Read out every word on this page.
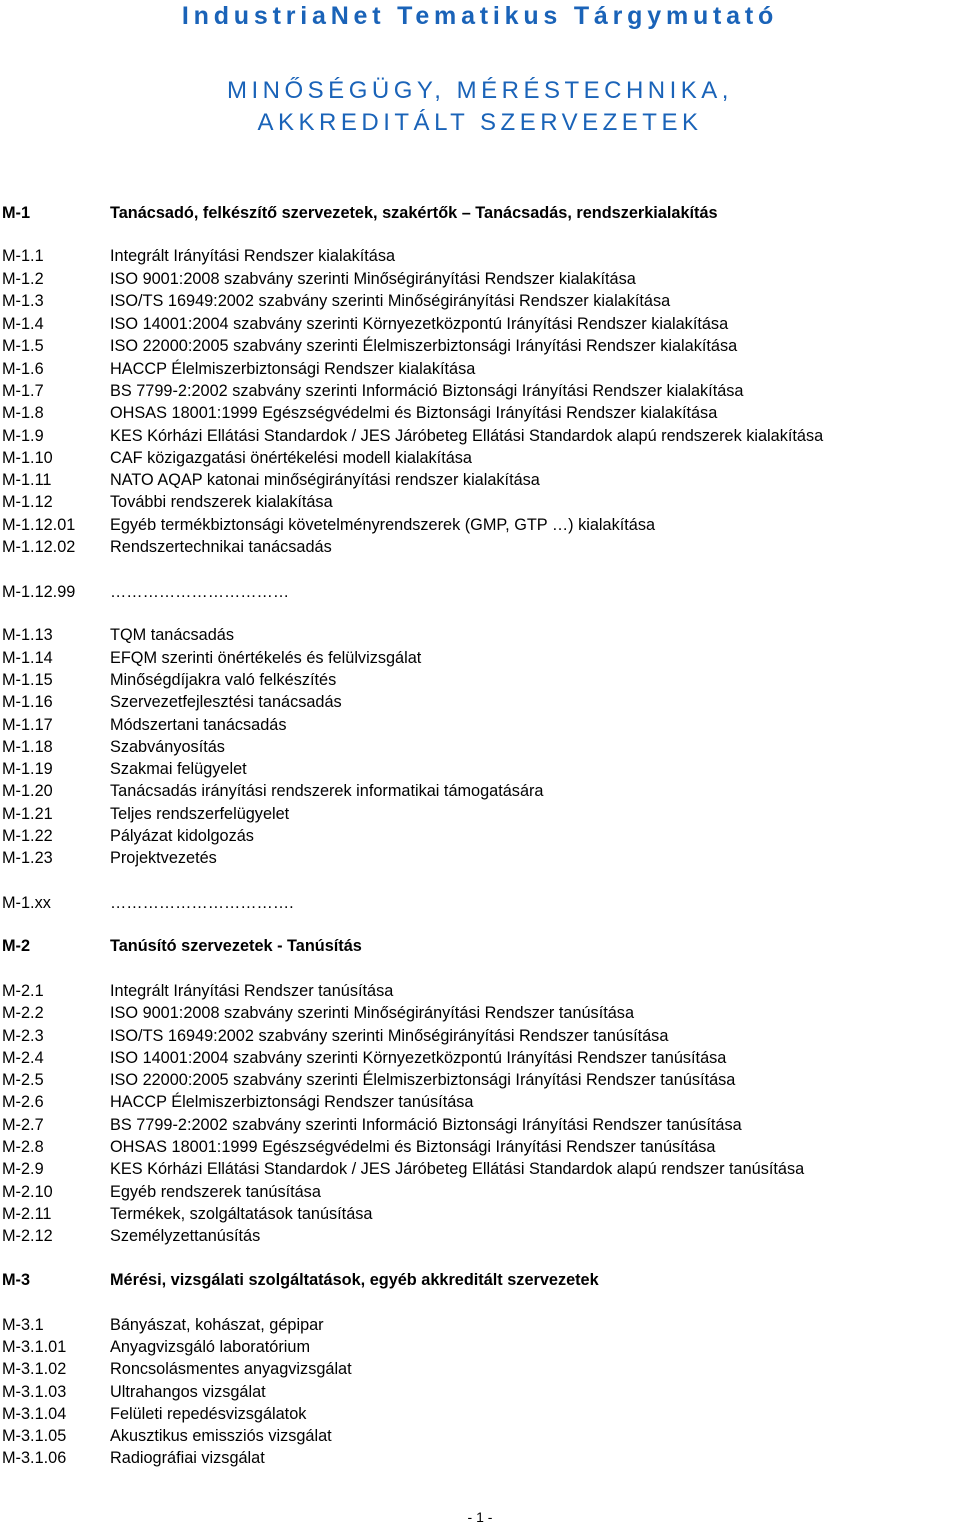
IndustriaNet Tematikus Tárgymutató
MINŐSÉGÜGY, MÉRÉSTECHNIKA,
AKKREDITÁLT SZERVEZETEK
M-1	Tanácsadó, felkészítő szervezetek, szakértők – Tanácsadás, rendszerkialakítás
M-1.1	Integrált Irányítási Rendszer kialakítása
M-1.2	ISO 9001:2008 szabvány szerinti Minőségirányítási Rendszer kialakítása
M-1.3	ISO/TS 16949:2002 szabvány szerinti Minőségirányítási Rendszer kialakítása
M-1.4	ISO 14001:2004 szabvány szerinti Környezetközpontú Irányítási Rendszer kialakítása
M-1.5	ISO 22000:2005 szabvány szerinti Élelmiszerbiztonsági Irányítási Rendszer kialakítása
M-1.6	HACCP Élelmiszerbiztonsági Rendszer kialakítása
M-1.7	BS 7799-2:2002 szabvány szerinti Információ Biztonsági Irányítási Rendszer kialakítása
M-1.8	OHSAS 18001:1999 Egészségvédelmi és Biztonsági Irányítási Rendszer kialakítása
M-1.9	KES Kórházi Ellátási Standardok / JES Járóbeteg Ellátási Standardok alapú rendszerek kialakítása
M-1.10	CAF közigazgatási önértékelési modell kialakítása
M-1.11	NATO AQAP katonai minőségirányítási rendszer kialakítása
M-1.12	További rendszerek kialakítása
M-1.12.01 Egyéb termékbiztonsági követelményrendszerek (GMP, GTP …) kialakítása
M-1.12.02 Rendszertechnikai tanácsadás
M-1.12.99 ……………………………
M-1.13	TQM tanácsadás
M-1.14	EFQM szerinti önértékelés és felülvizsgálat
M-1.15	Minőségdíjakra való felkészítés
M-1.16	Szervezetfejlesztési tanácsadás
M-1.17	Módszertani tanácsadás
M-1.18	Szabványosítás
M-1.19	Szakmai felügyelet
M-1.20	Tanácsadás irányítási rendszerek informatikai támogatására
M-1.21	Teljes rendszerfelügyelet
M-1.22	Pályázat kidolgozás
M-1.23	Projektvezetés
M-1.xx	…………………………….
M-2	Tanúsító szervezetek - Tanúsítás
M-2.1	Integrált Irányítási Rendszer tanúsítása
M-2.2	ISO 9001:2008 szabvány szerinti Minőségirányítási Rendszer tanúsítása
M-2.3	ISO/TS 16949:2002 szabvány szerinti Minőségirányítási Rendszer tanúsítása
M-2.4	ISO 14001:2004 szabvány szerinti Környezetközpontú Irányítási Rendszer tanúsítása
M-2.5	ISO 22000:2005 szabvány szerinti Élelmiszerbiztonsági Irányítási Rendszer tanúsítása
M-2.6	HACCP Élelmiszerbiztonsági Rendszer tanúsítása
M-2.7	BS 7799-2:2002 szabvány szerinti Információ Biztonsági Irányítási Rendszer tanúsítása
M-2.8	OHSAS 18001:1999 Egészségvédelmi és Biztonsági Irányítási Rendszer tanúsítása
M-2.9	KES Kórházi Ellátási Standardok / JES Járóbeteg Ellátási Standardok alapú rendszer tanúsítása
M-2.10	Egyéb rendszerek tanúsítása
M-2.11	Termékek, szolgáltatások tanúsítása
M-2.12	Személyzettanúsítás
M-3	Mérési, vizsgálati szolgáltatások, egyéb akkreditált szervezetek
M-3.1	Bányászat, kohászat, gépipar
M-3.1.01	Anyagvizsgáló laboratórium
M-3.1.02	Roncsolásmentes anyagvizsgálat
M-3.1.03	Ultrahangos vizsgálat
M-3.1.04	Felületi repedésvizsgálatok
M-3.1.05	Akusztikus emissziós vizsgálat
M-3.1.06	Radiográfiai vizsgálat
- 1 -
